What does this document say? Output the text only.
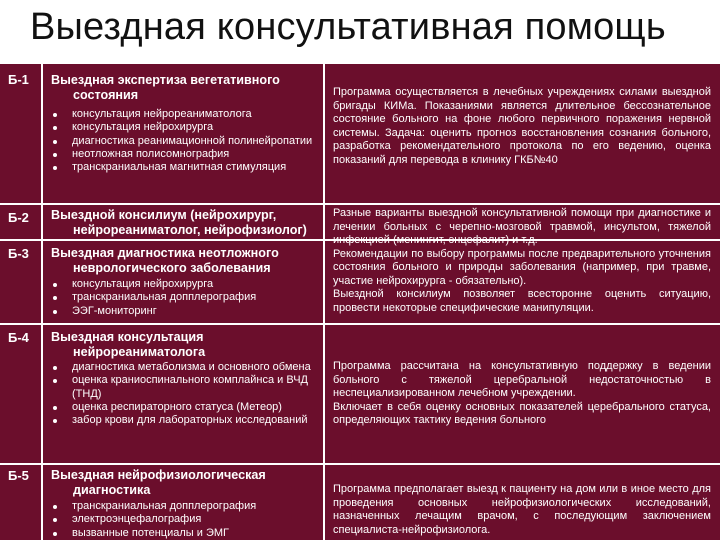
Выездная консультативная помощь
Б-1 Выездная экспертиза вегетативного
состояния
консультация нейрореаниматолога
консультация нейрохирурга
диагностика реанимационной полинейропатии
неотложная полисомнография
транскраниальная магнитная стимуляция

Программа осуществляется в лечебных учреждениях силами выездной бригады КИМа. Показаниями является длительное бессознательное состояние больного на фоне любого первичного поражения нервной системы. Задача: оценить прогноз восстановления сознания больного, разработка рекомендательного протокола по его ведению, оценка показаний для перевода в клинику ГКБ№40

Б-2 Выездной консилиум (нейрохирург,
нейрореаниматолог, нейрофизиолог)
Б-3 Выездная диагностика неотложного
неврологического заболевания
консультация нейрохирурга
транскраниальная допплерография
ЭЭГ-мониторинг

Разные варианты выездной консультативной помощи при диагностике и лечении больных с черепно-мозговой травмой, инсультом, тяжелой инфекцией (менингит, энцефалит) и т.д.

Рекомендации по выбору программы после предварительного уточнения состояния больного и природы заболевания (например, при травме, участие нейрохирурга - обязательно).

Выездной консилиум позволяет всесторонне оценить ситуацию, провести некоторые специфические манипуляции.

Б-4 Выездная консультация
нейрореаниматолога
диагностика метаболизма и основного обмена
оценка краниоспинального комплайнса и ВЧД (ТНД)
оценка респираторного статуса (Метеор)
забор крови для лабораторных исследований

Программа рассчитана на консультативную поддержку в ведении больного с тяжелой церебральной недостаточностью в неспециализированном лечебном учреждении.

Включает в себя оценку основных показателей церебрального статуса, определяющих тактику ведения больного

Б-5 Выездная нейрофизиологическая
диагностика
транскраниальная допплерография
электроэнцефалография
вызванные потенциалы и ЭМГ

Программа предполагает выезд к пациенту на дом или в иное место для проведения основных нейрофизиологических исследований, назначенных лечащим врачом, с последующим заключением специалиста-нейрофизиолога.
